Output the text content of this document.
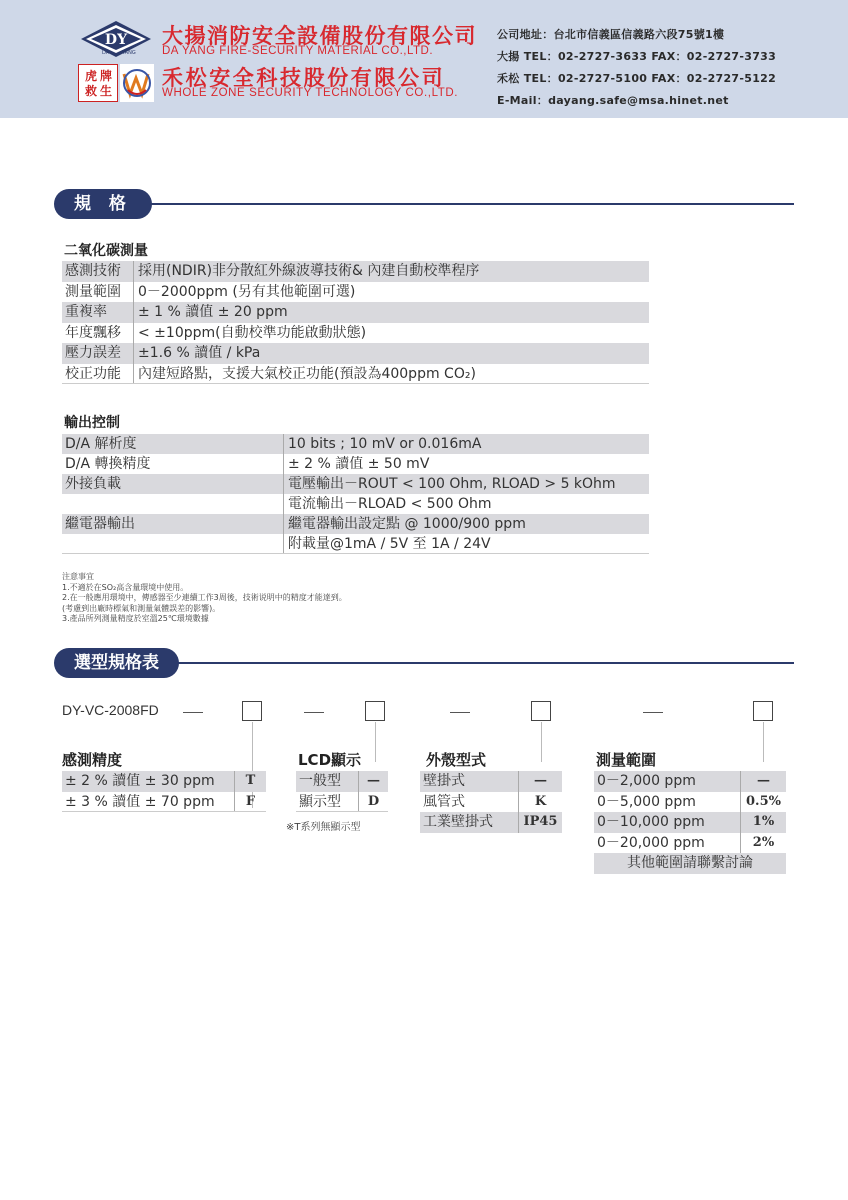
DY
DA	YANG
虎 牌
救 生
大揚消防安全設備股份有限公司
DA YANG FIRE-SECURITY MATERIAL CO.,LTD.
禾松安全科技股份有限公司
WHOLE ZONE SECURITY TECHNOLOGY CO.,LTD.
公司地址：台北市信義區信義路六段75號1樓
大揚 TEL：02-2727-3633 FAX：02-2727-3733
禾松 TEL：02-2727-5100 FAX：02-2727-5122
E-Mail：dayang.safe@msa.hinet.net
規 格
二氧化碳測量
感測技術	採用(NDIR)非分散紅外線波導技術& 內建自動校準程序
測量範圍	0－2000ppm (另有其他範圍可選)
重複率	± 1 % 讀值 ± 20 ppm
年度飄移	< ±10ppm(自動校準功能啟動狀態)
壓力誤差	±1.6 % 讀值 / kPa
校正功能	內建短路點，支援大氣校正功能(預設為400ppm CO₂)
輸出控制
D/A 解析度	10 bits ; 10 mV or 0.016mA
D/A 轉換精度	± 2 % 讀值 ± 50 mV
外接負載	電壓輸出－ROUT < 100 Ohm, RLOAD > 5 kOhm
電流輸出－RLOAD < 500 Ohm
繼電器輸出	繼電器輸出設定點 @ 1000/900 ppm
附載量@1mA / 5V 至 1A / 24V
注意事宜
1.不適於在SO₂高含量環境中使用。
2.在一般應用環境中，傳感器至少連續工作3周後，技術说明中的精度才能達到。
(考慮到出廠時標氣和測量氣體誤差的影響)。
3.產品所列測量精度於室溫25℃環境數據
選型規格表
DY-VC-2008FD
感測精度
± 2 % 讀值 ± 30 ppm	T
± 3 % 讀值 ± 70 ppm	F
LCD顯示
一般型	—
顯示型	D
※T系列無顯示型
外殼型式
壁掛式	—
風管式	K
工業壁掛式	IP45
測量範圍
0－2,000 ppm	—
0－5,000 ppm	0.5%
0－10,000 ppm	1%
0－20,000 ppm	2%
其他範圍請聯繫討論
